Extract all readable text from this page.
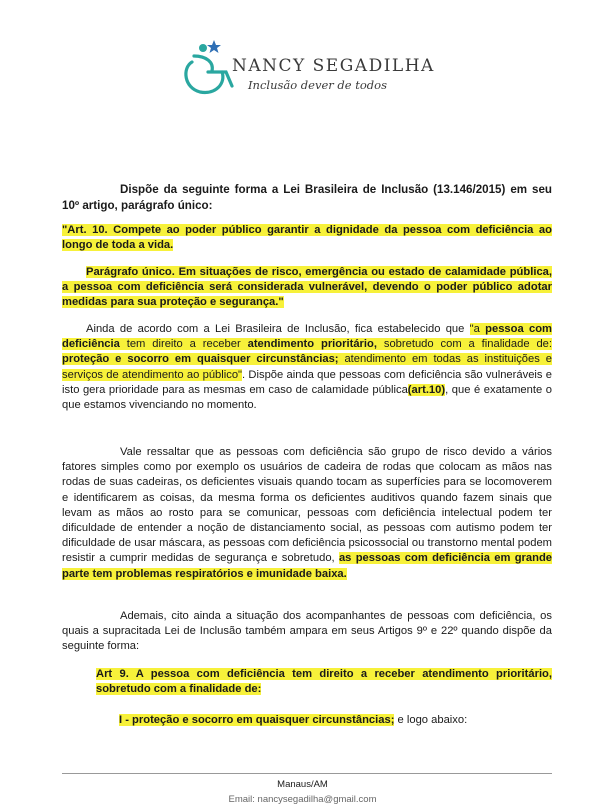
NANCY SEGADILHA
Inclusão dever de todos
Dispõe da seguinte forma a Lei Brasileira de Inclusão (13.146/2015) em seu 10º artigo, parágrafo único:
"Art. 10. Compete ao poder público garantir a dignidade da pessoa com deficiência ao longo de toda a vida.
Parágrafo único. Em situações de risco, emergência ou estado de calamidade pública, a pessoa com deficiência será considerada vulnerável, devendo o poder público adotar medidas para sua proteção e segurança."
Ainda de acordo com a Lei Brasileira de Inclusão, fica estabelecido que "a pessoa com deficiência tem direito a receber atendimento prioritário, sobretudo com a finalidade de: proteção e socorro em quaisquer circunstâncias; atendimento em todas as instituições e serviços de atendimento ao público". Dispõe ainda que pessoas com deficiência são vulneráveis e isto gera prioridade para as mesmas em caso de calamidade pública(art.10), que é exatamente o que estamos vivenciando no momento.
Vale ressaltar que as pessoas com deficiência são grupo de risco devido a vários fatores simples como por exemplo os usuários de cadeira de rodas que colocam as mãos nas rodas de suas cadeiras, os deficientes visuais quando tocam as superfícies para se locomoverem e identificarem as coisas, da mesma forma os deficientes auditivos quando fazem sinais que levam as mãos ao rosto para se comunicar, pessoas com deficiência intelectual podem ter dificuldade de entender a noção de distanciamento social, as pessoas com autismo podem ter dificuldade de usar máscara, as pessoas com deficiência psicossocial ou transtorno mental podem resistir a cumprir medidas de segurança e sobretudo, as pessoas com deficiência em grande parte tem problemas respiratórios e imunidade baixa.
Ademais, cito ainda a situação dos acompanhantes de pessoas com deficiência, os quais a supracitada Lei de Inclusão também ampara em seus Artigos 9º e 22º quando dispõe da seguinte forma:
Art 9. A pessoa com deficiência tem direito a receber atendimento prioritário, sobretudo com a finalidade de:
I - proteção e socorro em quaisquer circunstâncias; e logo abaixo:
Manaus/AM
Email: nancysegadilha@gmail.com
